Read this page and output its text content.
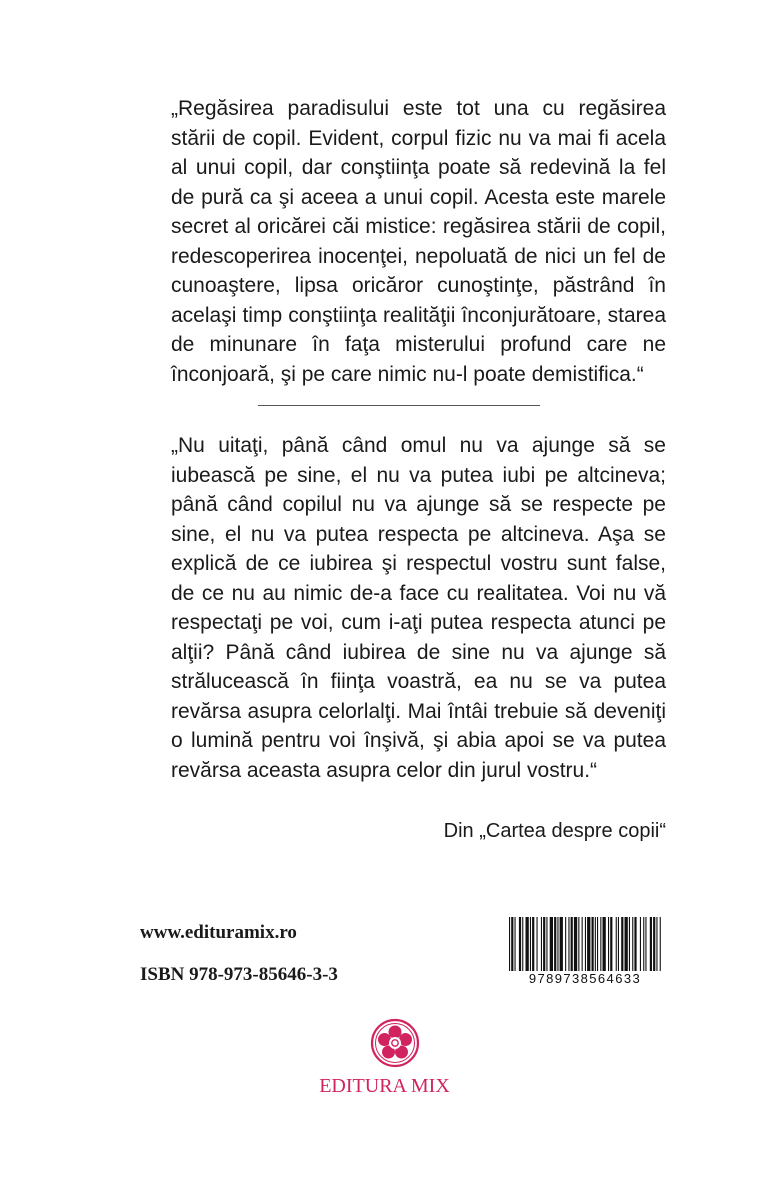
„Regăsirea paradisului este tot una cu regăsirea stării de copil. Evident, corpul fizic nu va mai fi acela al unui copil, dar conştiinţa poate să redevină la fel de pură ca şi aceea a unui copil. Acesta este marele secret al oricărei căi mistice: regăsirea stării de copil, redescoperirea inocenţei, nepoluată de nici un fel de cunoaştere, lipsa oricăror cunoştinţe, păstrând în acelaşi timp conştiinţa realităţii înconjurătoare, starea de minunare în faţa misterului profund care ne înconjoară, şi pe care nimic nu-l poate demistifica.“

„Nu uitaţi, până când omul nu va ajunge să se iubească pe sine, el nu va putea iubi pe altcineva; până când copilul nu va ajunge să se respecte pe sine, el nu va putea respecta pe altcineva. Aşa se explică de ce iubirea şi respectul vostru sunt false, de ce nu au nimic de-a face cu realitatea. Voi nu vă respectaţi pe voi, cum i-aţi putea respecta atunci pe alţii? Până când iubirea de sine nu va ajunge să strălucească în fiinţa voastră, ea nu se va putea revărsa asupra celorlalţi. Mai întâi trebuie să deveniţi o lumină pentru voi înşivă, şi abia apoi se va putea revărsa aceasta asupra celor din jurul vostru.“

Din „Cartea despre copii“
www.edituramix.ro
ISBN 978-973-85646-3-3	9789738564633
EDITURA MIX
